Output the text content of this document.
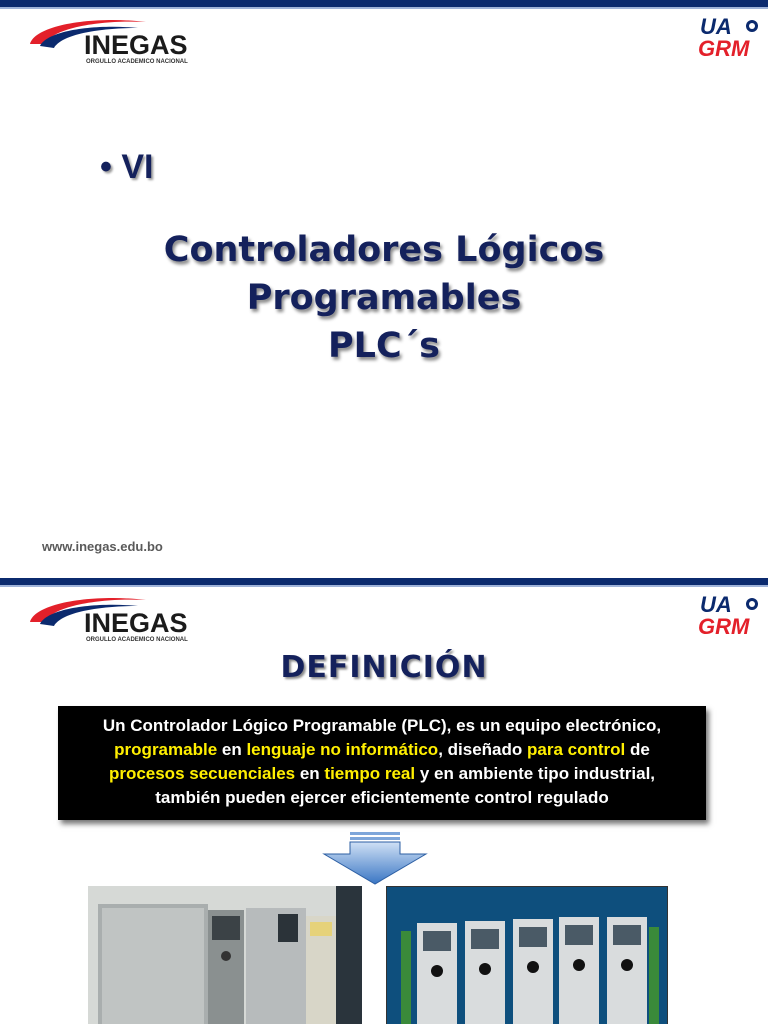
INEGAS
ORGULLO ACADEMICO NACIONAL
UA
GRM
• VI
Controladores Lógicos
Programables
PLC´s
www.inegas.edu.bo
INEGAS
ORGULLO ACADEMICO NACIONAL
UA
GRM
DEFINICIÓN
Un Controlador Lógico Programable (PLC), es un equipo electrónico,
programable en lenguaje no informático, diseñado para control de
procesos secuenciales en tiempo real y en ambiente tipo industrial,
también pueden ejercer eficientemente control regulado
